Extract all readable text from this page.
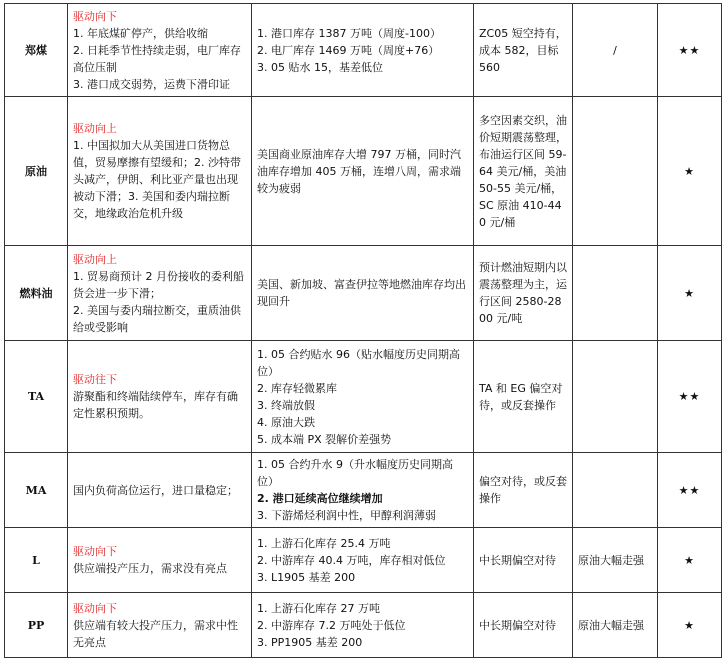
郑煤	驱动向下
1. 年底煤矿停产，供给收缩
2. 日耗季节性持续走弱，电厂库存高位压制
3. 港口成交弱势，运费下滑印证	1. 港口库存 1387 万吨（周度-100）
2. 电厂库存 1469 万吨（周度+76）
3. 05 贴水 15，基差低位	ZC05 短空持有，成本 582，目标 560	/	★★
原油	驱动向上
1. 中国拟加大从美国进口货物总值，贸易摩擦有望缓和；2. 沙特带头减产，伊朗、利比亚产量也出现被动下滑；3. 美国和委内瑞拉断交，地缘政治危机升级	美国商业原油库存大增 797 万桶，同时汽油库存增加 405 万桶，连增八周，需求端较为疲弱	多空因素交织，油价短期震荡整理，布油运行区间 59-64 美元/桶，美油 50-55 美元/桶，SC 原油 410-440 元/桶		★
燃料油	驱动向上
1. 贸易商预计 2 月份接收的委利船货会进一步下滑；
2. 美国与委内瑞拉断交，重质油供给或受影响	美国、新加坡、富查伊拉等地燃油库存均出现回升	预计燃油短期内以震荡整理为主，运行区间 2580-2800 元/吨		★
TA	驱动往下
游聚酯和终端陆续停车，库存有确定性累积预期。	1. 05 合约贴水 96（贴水幅度历史同期高位）
2. 库存轻微累库
3. 终端放假
4. 原油大跌
5. 成本端 PX 裂解价差强势	TA 和 EG 偏空对待，或反套操作		★★
MA	国内负荷高位运行，进口量稳定；	1. 05 合约升水 9（升水幅度历史同期高位）
2. 港口延续高位继续增加
3. 下游烯烃利润中性，甲醇利润薄弱	偏空对待，或反套操作		★★
L	驱动向下
供应端投产压力，需求没有亮点	1. 上游石化库存 25.4 万吨
2. 中游库存 40.4 万吨，库存相对低位
3. L1905 基差 200	中长期偏空对待	原油大幅走强	★
PP	驱动向下
供应端有较大投产压力，需求中性无亮点	1. 上游石化库存 27 万吨
2. 中游库存 7.2 万吨处于低位
3. PP1905 基差 200	中长期偏空对待	原油大幅走强	★
